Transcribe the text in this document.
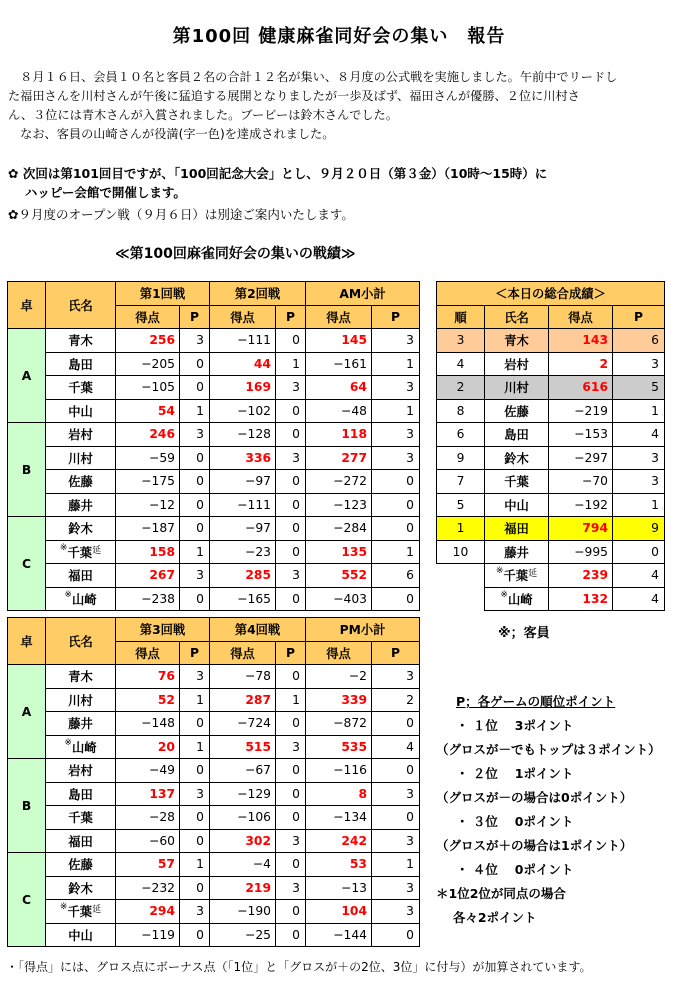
第100回 健康麻雀同好会の集い　報告

　８月１６日、会員１０名と客員２名の合計１２名が集い、８月度の公式戦を実施しました。午前中でリードし

た福田さんを川村さんが午後に猛追する展開となりましたが一歩及ばず、福田さんが優勝、２位に川村さ

ん、３位には青木さんが入賞されました。ブービーは鈴木さんでした。

　なお、客員の山崎さんが役満(字一色)を達成されました。

✿ 次回は第101回目ですが、「100回記念大会」とし、９月２０日（第３金）（10時～15時）に
　 ハッピー会館で開催します。
✿９月度のオープン戦（９月６日）は別途ご案内いたします。
≪第100回麻雀同好会の集いの戦績≫
卓	氏名	第1回戦		第2回戦		AM小計	
		得点	P	得点	P	得点	P
A	青木	256	3	−111	0	145	3
	島田	−205	0	44	1	−161	1
	千葉	−105	0	169	3	64	3
	中山	54	1	−102	0	−48	1
B	岩村	246	3	−128	0	118	3
	川村	−59	0	336	3	277	3
	佐藤	−175	0	−97	0	−272	0
	藤井	−12	0	−111	0	−123	0
C	鈴木	−187	0	−97	0	−284	0
	※千葉$^延$	158	1	−23	0	135	1
	福田	267	3	285	3	552	6
	※山崎	−238	0	−165	0	−403	0
卓	氏名	第3回戦		第4回戦		PM小計	
		得点	P	得点	P	得点	P
A	青木	76	3	−78	0	−2	3
	川村	52	1	287	1	339	2
	藤井	−148	0	−724	0	−872	0
	※山崎	20	1	515	3	535	4
B	岩村	−49	0	−67	0	−116	0
	島田	137	3	−129	0	8	3
	千葉	−28	0	−106	0	−134	0
	福田	−60	0	302	3	242	3
C	佐藤	57	1	−4	0	53	1
	鈴木	−232	0	219	3	−13	3
	※千葉$^延$	294	3	−190	0	104	3
	中山	−119	0	−25	0	−144	0
＜本日の総合成績＞			
順	氏名	得点	P
3	青木	143	6
4	岩村	2	3
2	川村	616	5
8	佐藤	−219	1
6	島田	−153	4
9	鈴木	−297	3
7	千葉	−70	3
5	中山	−192	1
1	福田	794	9
10	藤井	−995	0
	※千葉$^延$	239	4
	※山崎	132	4
※；客員
P；各ゲームの順位ポイント
・ １位　 3ポイント
（グロスが－でもトップは３ポイント）
・ ２位　 1ポイント
（グロスが－の場合は0ポイント）
・ ３位　 0ポイント
（グロスが＋の場合は1ポイント）
・ ４位　 0ポイント
＊1位2位が同点の場合
　 各々2ポイント
・「得点」には、グロス点にボーナス点（「1位」と「グロスが＋の2位、3位」に付与）が加算されています。
